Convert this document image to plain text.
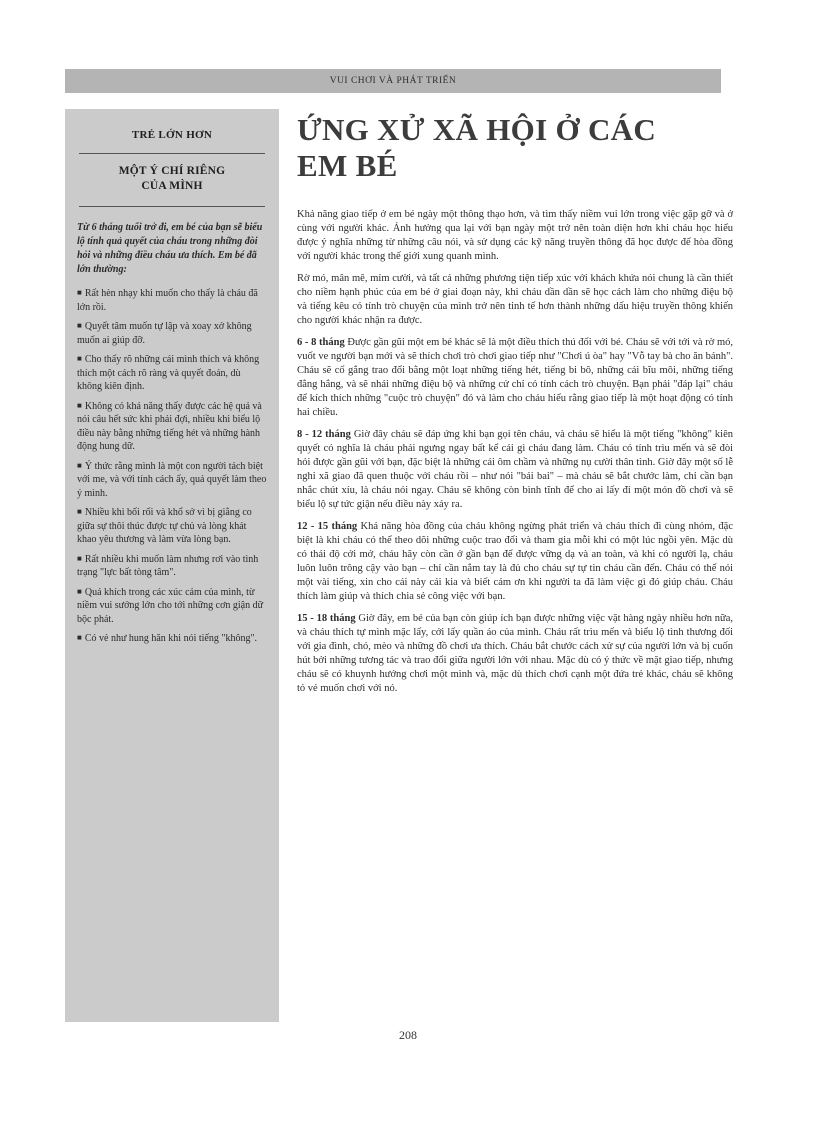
VUI CHƠI VÀ PHÁT TRIỂN
TRẺ LỚN HƠN
MỘT Ý CHÍ RIÊNG
CỦA MÌNH
Từ 6 tháng tuổi trở đi, em bé của bạn sẽ biểu lộ tính quả quyết của cháu trong những đòi hỏi và những điều cháu ưa thích. Em bé đã lớn thường:
■ Rất hèn nhạy khi muốn cho thấy là cháu đã lớn rồi.
■ Quyết tâm muốn tự lập và xoay xở không muốn ai giúp đỡ.
■ Cho thấy rõ những cái mình thích và không thích một cách rõ ràng và quyết đoán, dù không kiên định.
■ Không có khả năng thấy được các hệ quả và nói câu hết sức khi phải đợi, nhiều khi biểu lộ điều này bằng những tiếng hét và những hành động hung dữ.
■ Ý thức rằng mình là một con người tách biệt với me, và với tính cách ấy, quả quyết làm theo ý mình.
■ Nhiều khi bối rối và khổ sở vì bị giằng co giữa sự thôi thúc được tự chủ và lòng khát khao yêu thương và làm vừa lòng bạn.
■ Rất nhiều khi muốn làm nhưng rơi vào tình trạng "lực bất tòng tâm".
■ Quá khích trong các xúc cảm của mình, từ niềm vui sướng lớn cho tới những cơn giận dữ bộc phát.
■ Có vẻ như hung hăn khi nói tiếng "không".
ỨNG XỬ XÃ HỘI Ở CÁC
EM BÉ

Khả năng giao tiếp ở em bé ngày một thông thạo hơn, và tìm thấy niềm vui lớn trong việc gặp gỡ và ở cùng với người khác. Ảnh hưởng qua lại với bạn ngày một trở nên toàn diện hơn khi cháu học hiểu được ý nghĩa những từ những câu nói, và sử dụng các kỹ năng truyền thông đã học được để hòa đồng với người khác trong thế giới xung quanh mình.

Rờ mó, mân mê, mỉm cười, và tất cả những phương tiện tiếp xúc với khách khứa nói chung là cần thiết cho niềm hạnh phúc của em bé ở giai đoạn này, khi cháu dần dần sẽ học cách làm cho những điệu bộ và tiếng kêu có tính trò chuyện của mình trở nên tinh tế hơn thành những dấu hiệu truyền thông khiến cho người khác nhận ra được.

6 - 8 tháng Được gần gũi một em bé khác sẽ là một điều thích thú đối với bé. Cháu sẽ với tới và rờ mó, vuốt ve người bạn mới và sẽ thích chơi trò chơi giao tiếp như "Chơi ú òa" hay "Vỗ tay bà cho ăn bánh". Cháu sẽ cố gắng trao đổi bằng một loạt những tiếng hét, tiếng bi bô, những cái bĩu môi, những tiếng đằng hắng, và sẽ nhái những điệu bộ và những cử chỉ có tính cách trò chuyện. Bạn phải "đáp lại" cháu để kích thích những "cuộc trò chuyện" đó và làm cho cháu hiểu rằng giao tiếp là một hoạt động có tính hai chiều.

8 - 12 tháng Giờ đây cháu sẽ đáp ứng khi bạn gọi tên cháu, và cháu sẽ hiểu là một tiếng "không" kiên quyết có nghĩa là cháu phải ngưng ngay bất kể cái gì cháu đang làm. Cháu có tính trìu mến và sẽ đòi hỏi được gần gũi với bạn, đặc biệt là những cái ôm chầm và những nụ cười thân tình. Giờ đây một số lễ nghi xã giao đã quen thuộc với cháu rồi – như nói "bái bai" – mà cháu sẽ bắt chước làm, chỉ cần bạn nhắc chút xíu, là cháu nói ngay. Cháu sẽ không còn bình tĩnh để cho ai lấy đi một món đồ chơi và sẽ biểu lộ sự tức giận nếu điều này xảy ra.

12 - 15 tháng Khả năng hòa đồng của cháu không ngừng phát triển và cháu thích đi cùng nhóm, đặc biệt là khi cháu có thể theo dõi những cuộc trao đổi và tham gia mỗi khi có một lúc ngồi yên. Mặc dù có thái độ cởi mở, cháu hãy còn cần ở gần bạn để được vững dạ và an toàn, và khi có người lạ, cháu luôn luôn trông cậy vào bạn – chỉ cần nắm tay là đủ cho cháu sự tự tin cháu cần đến. Cháu có thể nói một vài tiếng, xin cho cái này cái kia và biết cám ơn khi người ta đã làm việc gì đó giúp cháu. Cháu thích làm giúp và thích chia sẻ công việc với bạn.

15 - 18 tháng Giờ đây, em bé của bạn còn giúp ích bạn được những việc vặt hàng ngày nhiều hơn nữa, và cháu thích tự mình mặc lấy, cởi lấy quần áo của mình. Cháu rất trìu mến và biểu lộ tình thương đối với gia đình, chó, mèo và những đồ chơi ưa thích. Cháu bắt chước cách xử sự của người lớn và bị cuốn hút bởi những tương tác và trao đổi giữa người lớn với nhau. Mặc dù có ý thức về mặt giao tiếp, nhưng cháu sẽ có khuynh hướng chơi một mình và, mặc dù thích chơi cạnh một đứa trẻ khác, cháu sẽ không tỏ vẻ muốn chơi với nó.

208
